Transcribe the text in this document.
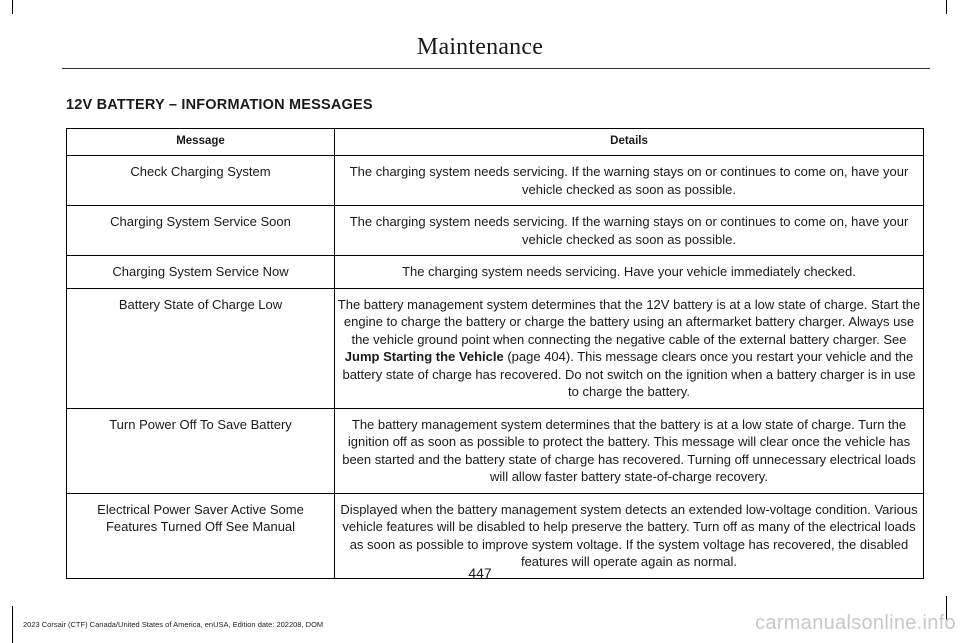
Maintenance
12V BATTERY – INFORMATION MESSAGES
Message	Details
Check Charging System	The charging system needs servicing. If the warning stays on or continues to come on, have your vehicle checked as soon as possible.
Charging System Service Soon	The charging system needs servicing. If the warning stays on or continues to come on, have your vehicle checked as soon as possible.
Charging System Service Now	The charging system needs servicing. Have your vehicle immediately checked.
Battery State of Charge Low	The battery management system determines that the 12V battery is at a low state of charge. Start the engine to charge the battery or charge the battery using an aftermarket battery charger. Always use the vehicle ground point when connecting the negative cable of the external battery charger. See Jump Starting the Vehicle (page 404). This message clears once you restart your vehicle and the battery state of charge has recovered. Do not switch on the ignition when a battery charger is in use to charge the battery.
Turn Power Off To Save Battery	The battery management system determines that the battery is at a low state of charge. Turn the ignition off as soon as possible to protect the battery. This message will clear once the vehicle has been started and the battery state of charge has recovered. Turning off unnecessary electrical loads will allow faster battery state-of-charge recovery.
Electrical Power Saver Active Some
Features Turned Off See Manual	Displayed when the battery management system detects an extended low-voltage condition. Various vehicle features will be disabled to help preserve the battery. Turn off as many of the electrical loads as soon as possible to improve system voltage. If the system voltage has recovered, the disabled features will operate again as normal.
447
2023 Corsair (CTF) Canada/United States of America, enUSA, Edition date: 202208, DOM	carmanualsonline.info
